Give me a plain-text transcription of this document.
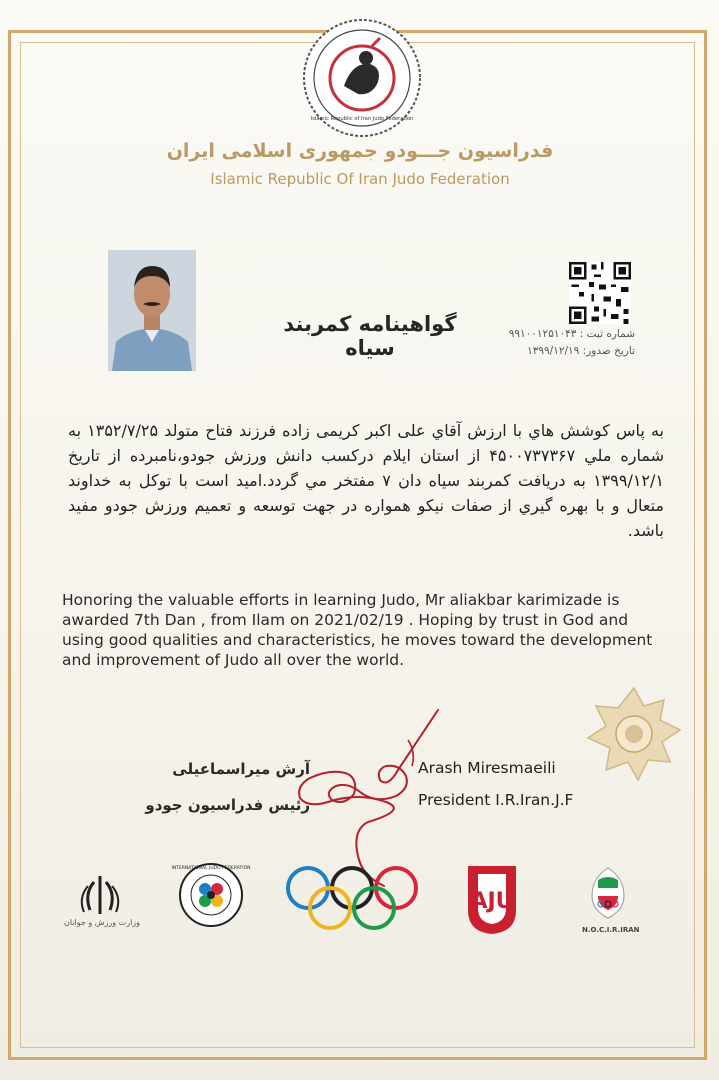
Islamic Republic of Iran Judo Federation
فدراسیون جـــودو جمهوری اسلامی ایران
Islamic Republic Of Iran Judo Federation
گواهینامه کمربند سیاه
شماره ثبت : ۹۹۱۰۰۱۲۵۱۰۴۳
تاریخ صدور: ۱۳۹۹/۱۲/۱۹
به پاس کوشش هاي با ارزش آقاي علی اکبر کریمی زاده فرزند فتاح متولد ۱۳۵۲/۷/۲۵ به شماره ملي ۴۵۰۰۷۳۷۳۶۷ از استان ایلام درکسب دانش ورزش جودو،نامبرده از تاریخ ۱۳۹۹/۱۲/۱ به دریافت کمربند سیاه دان ۷ مفتخر مي گردد.امید است با توکل به خداوند متعال و با بهره گيري از صفات نیکو همواره در جهت توسعه و تعمیم ورزش جودو مفید باشد.
Honoring the valuable efforts in learning Judo, Mr aliakbar karimizade is awarded 7th Dan , from Ilam on 2021/02/19 . Hoping by trust in God and using good qualities and characteristics, he moves toward the development and improvement of Judo all over the world.
آرش میراسماعیلی
رئیس فدراسیون جودو
Arash Miresmaeili
President I.R.Iran.J.F
وزارت ورزش و جوانان
INTERNATIONAL JUDO FEDERATION
AJU
N.O.C.I.R.IRAN
